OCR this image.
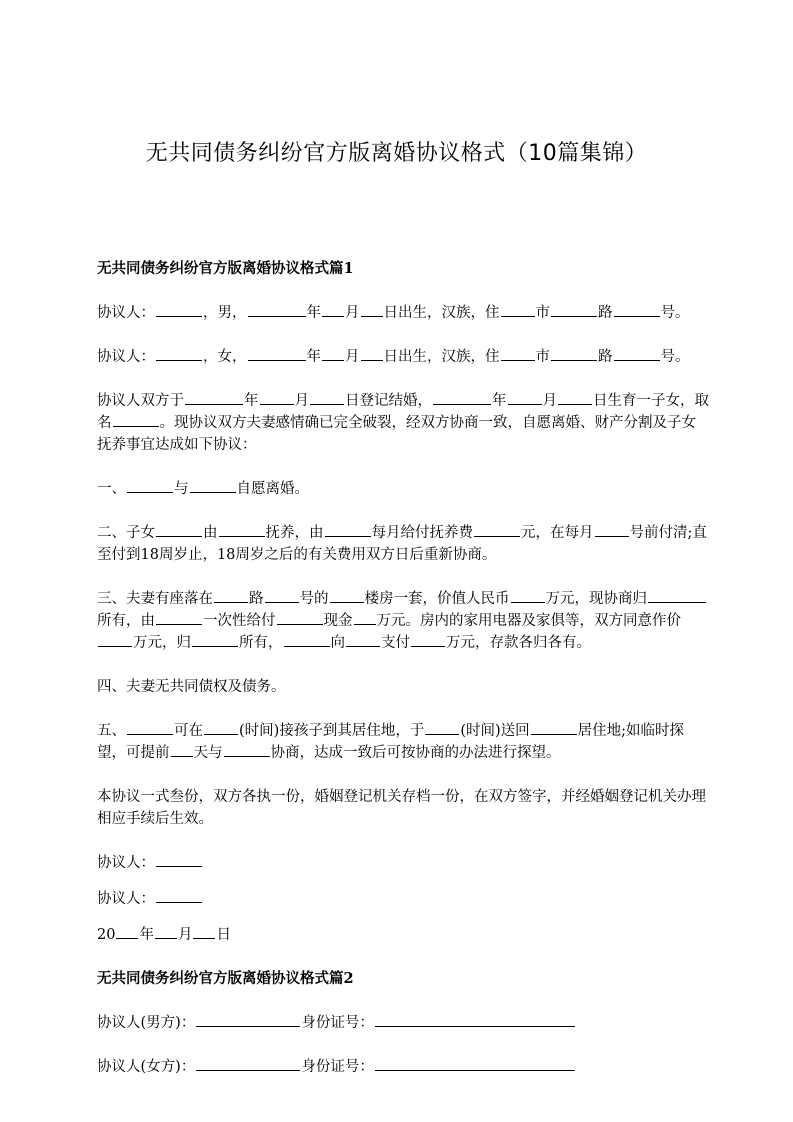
无共同债务纠纷官方版离婚协议格式（10篇集锦）

无共同债务纠纷官方版离婚协议格式篇1

协议人：	，男，	年 月 日出生，汉族，住 市	路	号。

协议人：	，女，	年 月 日出生，汉族，住 市	路	号。

协议人双方于	年 月 日登记结婚，	年 月 日生育一子女，取名	。现协议双方夫妻感情确已完全破裂，经双方协商一致，自愿离婚、财产分割及子女抚养事宜达成如下协议：

一、	与	自愿离婚。

二、子女	由	抚养，由	每月给付抚养费	元，在每月 号前付清;直至付到18周岁止，18周岁之后的有关费用双方日后重新协商。

三、夫妻有座落在 路 号的 楼房一套，价值人民币 万元，现协商归所有，由	一次性给付	现金 万元。房内的家用电器及家俱等，双方同意作价万元，归	所有，	向 支付 万元，存款各归各有。

四、夫妻无共同债权及债务。

五、	可在 (时间)接孩子到其居住地，于 (时间)送回	居住地;如临时探望，可提前 天与	协商，达成一致后可按协商的办法进行探望。

本协议一式叁份，双方各执一份，婚姻登记机关存档一份，在双方签字，并经婚姻登记机关办理相应手续后生效。

协议人：

协议人：

20 年 月 日

无共同债务纠纷官方版离婚协议格式篇2

协议人(男方)：	身份证号：

协议人(女方)：	身份证号：
